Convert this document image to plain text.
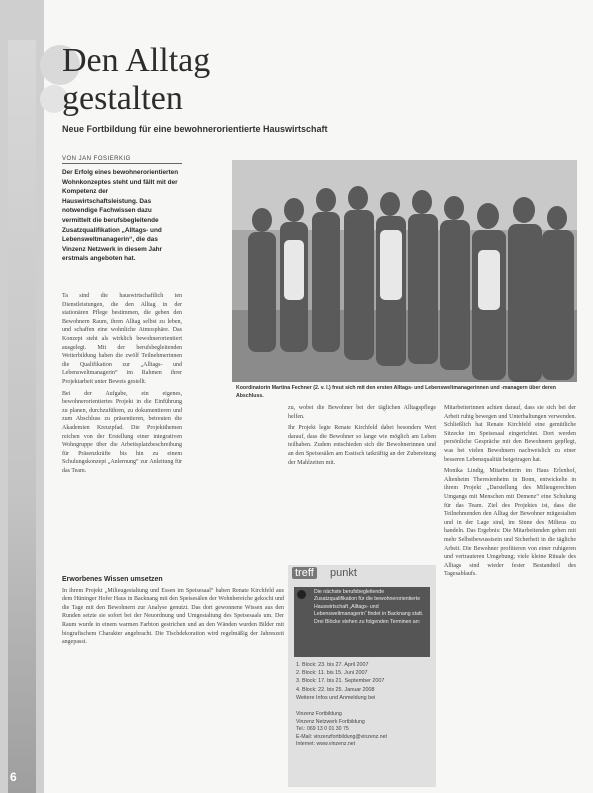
6
Den Alltag
gestalten
Neue Fortbildung für eine bewohnerorientierte Hauswirtschaft
VON JAN FOSIERKIG
Der Erfolg eines bewohnerorientierten Wohnkonzeptes steht und fällt mit der Kompetenz der Hauswirtschaftsleistung. Das notwendige Fachwissen dazu vermittelt die berufsbegleitende Zusatzqualifikation „Alltags- und Lebensweltmanagerin“, die das Vinzenz Netzwerk in diesem Jahr erstmals angeboten hat.

Ta sind die hauswirtschaftlich ten Dienstleistungen, die den Alltag in der stationären Pflege bestimmen, die geben den Bewohnern Raum, ihren Alltag selbst zu leben, und schaffen eine wohnliche Atmosphäre. Das Konzept steht als wirklich bewohnerorientiert ausgelegt. Mit der berufsbegleitenden Weiterbildung haben die zwölf Teilnehmerinnen die Qualifikation zur „Alltags- und Lebensweltmanagerin“ im Rahmen ihrer Projektarbeit unter Beweis gestellt.

Bei der Aufgabe, ein eigenes, bewohnerorientiertes Projekt in die Einführung zu planen, durchzuführen, zu dokumentieren und zum Abschluss zu präsentieren, betreuten die Akademien Kreuzpfad. Die Projektthemen reichen von der Erstellung einer integrativen Wohngruppe über die Arbeitsplatzbeschreibung für Präsenzkräfte bis hin zu einem Schulungskonzept „Anlernung“ zur Anleitung für das Team.

Erworbenes Wissen umsetzen

In ihrem Projekt „Milieugestaltung und Essen im Speisesaal“ haben Renate Kirchfeld aus dem Hüninger Hofer Haus in Backnang mit den Speisesälen der Wohnbereiche gekocht und die Tage mit den Bewohnern zur Analyse genutzt. Das dort gewonnene Wissen aus den Runden setzte sie sofort bei der Neuordnung und Umgestaltung des Speisesaals um. Der Raum wurde in einem warmen Farbton gestrichen und an den Wänden wurden Bilder mit biografischem Charakter angebracht. Die Tischdekoration wird regelmäßig der Jahreszeit angepasst.

Koordinatorin Martina Fechner (2. v. l.) freut sich mit den ersten Alltags- und Lebensweltmanagerinnen und -managern über deren Abschluss.

zu, wobei die Bewohner bei der täglichen Alltagspflege helfen.

Ihr Projekt legte Renate Kirchfeld dabei besonders Wert darauf, dass die Bewohner so lange wie möglich am Leben teilhaben. Zudem entschieden sich die Bewohnerinnen und an den Speisesälen am Esstisch tatkräftig an der Zubereitung der Mahlzeiten mit.

treff punkt
Die nächste berufsbegleitende Zusatzqualifikation für die bewohnerorientierte Hauswirtschaft „Alltags- und Lebensweltmanagerin“ findet in Backnang statt. Drei Blöcke stehen zu folgenden Terminen an:
1. Block: 23. bis 27. April 2007
2. Block: 11. bis 15. Juni 2007
3. Block: 17. bis 21. September 2007
4. Block: 22. bis 25. Januar 2008
Weitere Infos und Anmeldung bei
Vinzenz Fortbildung
Vinzenz Netzwerk Fortbildung
Tel.: 069 13 0 01 30 75
E-Mail: vinzenzfortbildung@vinzenz.net
Internet: www.vinzenz.net

Mitarbeiterinnen achten darauf, dass sie sich bei der Arbeit ruhig bewegen und Unterhaltungen verwenden. Schließlich hat Renate Kirchfeld eine gemütliche Sitzecke im Speisesaal eingerichtet. Dort werden persönliche Gespräche mit den Bewohnern gepflegt, was bei vielen Bewohnern nachweislich zu einer besseren Lebensqualität beigetragen hat.

Monika Lindig, Mitarbeiterin im Haus Erlenhof, Altenheim Theresienheim in Bonn, entwickelte in ihrem Projekt „Darstellung des Milieugerechten Umgangs mit Menschen mit Demenz“ eine Schulung für das Team. Ziel des Projektes ist, dass die Teilnehmenden den Alltag der Bewohner mitgestalten und in der Lage sind, im Sinne des Milieus zu handeln. Das Ergebnis: Die Mitarbeitenden gehen mit mehr Selbstbewusstsein und Sicherheit in die tägliche Arbeit. Die Bewohner profitieren von einer ruhigeren und vertrauteren Umgebung; viele kleine Rituale des Alltags sind wieder fester Bestandteil des Tagesablaufs.
